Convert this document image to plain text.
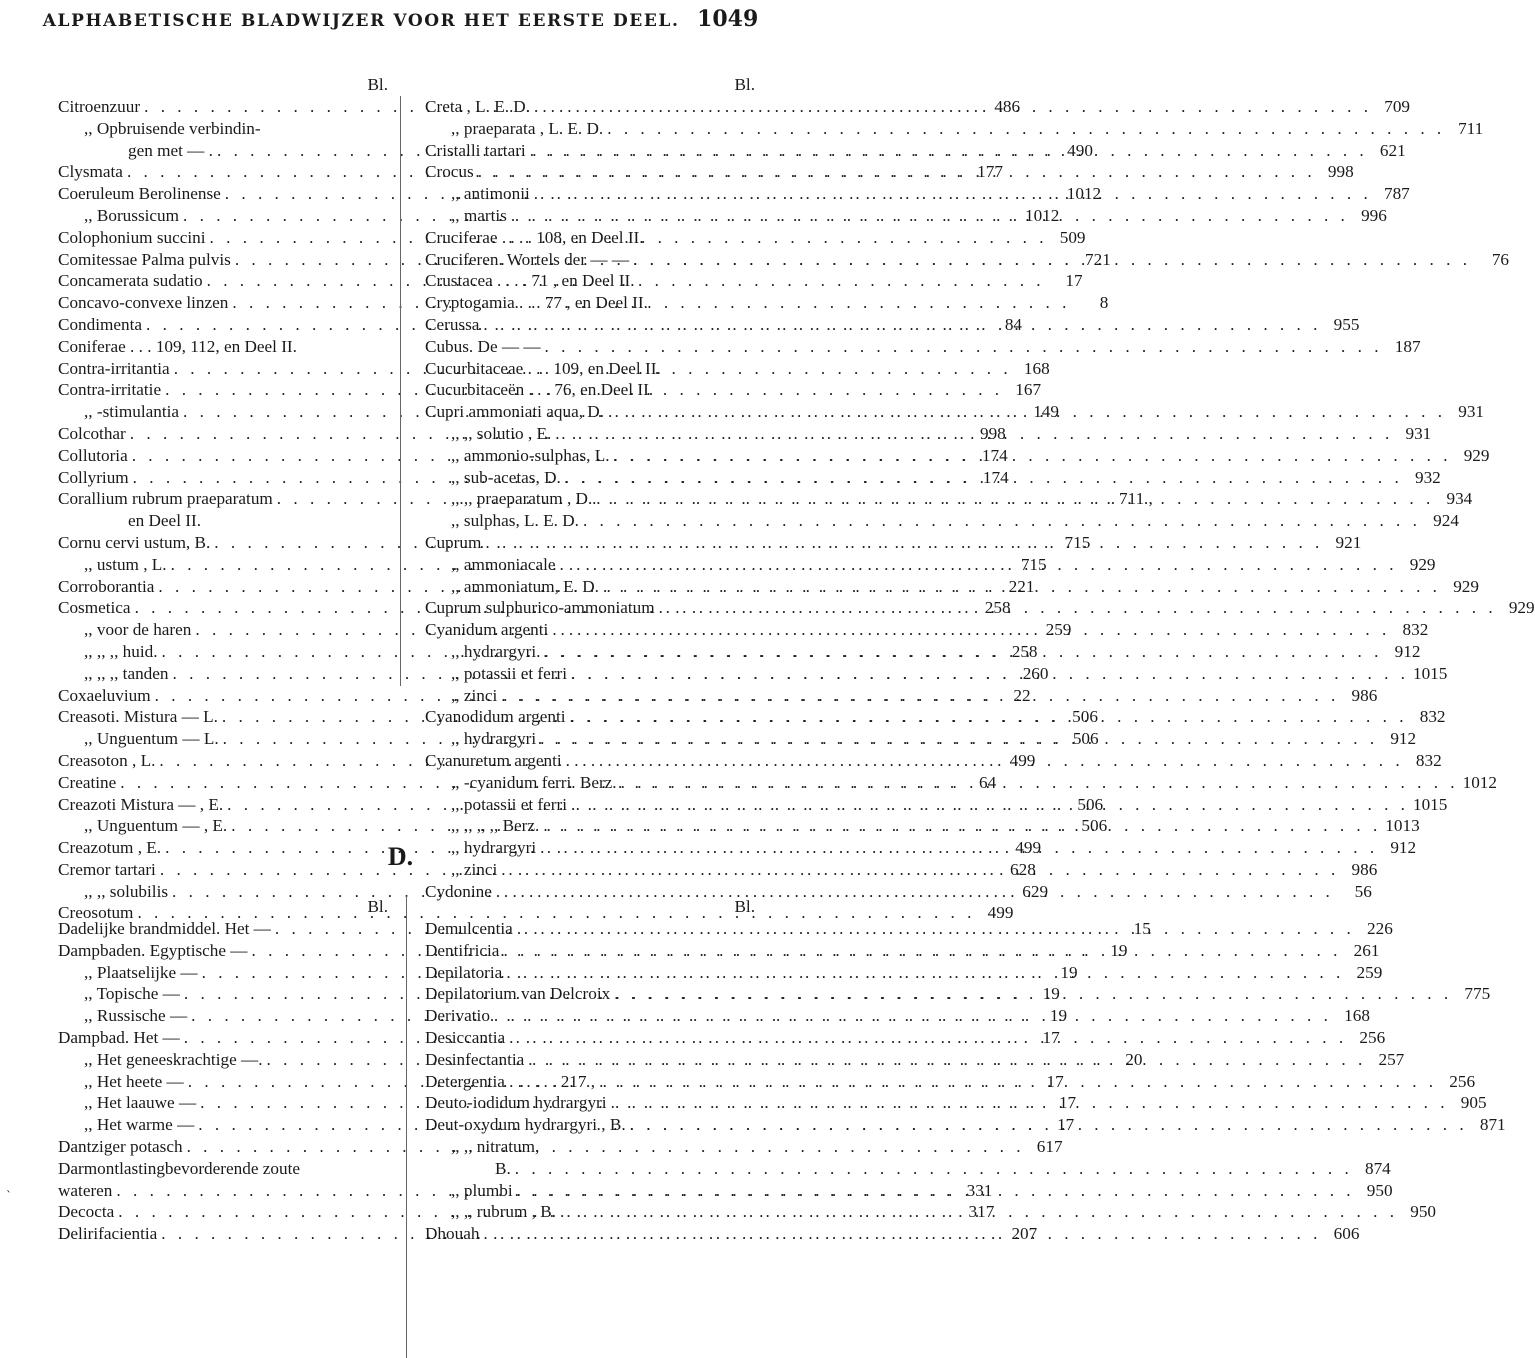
ALPHABETISCHE BLADWIJZER VOOR HET EERSTE DEEL. 1049
Bl.
Citroenzuur . . .	486
,, Opbruisende verbindin-
gen met — . . . .	490
Clysmata . . .	177
Coeruleum Berolinense . . .	1012
,, Borussicum . . .	1012
Colophonium succini . . .	509
Comitessae Palma pulvis . . .	721
Concamerata sudatio . . .	17
Concavo-convexe linzen . . .	8
Condimenta . . .	84
Coniferae . . . 109, 112, en Deel II.
Contra-irritantia . . .	168
Contra-irritatie . . .	167
,, -stimulantia . . .	149
Colcothar . . .	998
Collutoria . . .	174
Collyrium . . .	174
Corallium rubrum praeparatum . . .	711 ,
en Deel II.
Cornu cervi ustum, B. . . .	715
,, ustum , L. . . .	715
Corroborantia . . .	221
Cosmetica . . .	258
,, voor de haren . . .	259
,, ,, ,, huid. . . .	258
,, ,, ,, tanden . . .	260
Coxaeluvium . . .	22
Creasoti. Mistura — L. . . .	506
,, Unguentum — L. . . .	506
Creasoton , L. . . .	499
Creatine . . .	64
Creazoti Mistura — , E. . . .	506
,, Unguentum — , E. . . .	506
Creazotum , E. . . .	499
Cremor tartari . . .	628
,, ,, solubilis . . .	629
Creosotum . . .	499
Bl.
Creta , L. E. D. . . .	709
,, praeparata , L. E. D. . . .	711
Cristalli tartari . . .	621
Crocus . . .	998
,, antimonii . . .	787
,, martis . . .	996
Cruciferae . . . . 108, en Deel II.
Cruciferen. Wortels der — — . . .	76
Crustacea . . . . 71 , en Deel II.
Cryptogamia . . . 77 , en Deel II.
Cerussa . . .	955
Cubus. De — — . . .	187
Cucurbitaceae . . . 109, en Deel II.
Cucurbitaceën . . . 76, en Deel II.
Cupri ammoniati aqua, D. . . .	931
,, ,, solutio , E. . . .	931
,, ammonio-sulphas, L. . . .	929
,, sub-acetas, D. . . .	932
,, ,, praeparatum , D. . . .	934
,, sulphas, L. E. D. . . .	924
Cuprum . . .	921
,, ammoniacale . . .	929
,, ammoniatum, E. D. . . .	929
Cuprum sulphurico-ammoniatum . . .	929
Cyanidum argenti . . .	832
,, hydrargyri. . . .	912
,, potassii et ferri . . .	1015
,, zinci . . .	986
Cyanodidum argenti . . .	832
,, hydrargyri . . .	912
Cyanuretum argenti . . .	832
,, -cyanidum ferri. Berz. . . .	1012
,, potassii et ferri . . .	1015
,, ,, ,, ,, Berz. . . .	1013
,, hydrargyri . . .	912
,, zinci . . .	986
Cydonine . . .	56
D.
Bl.
Dadelijke brandmiddel. Het — . . .	15
Dampbaden. Egyptische — . . .	19
,, Plaatselijke — . . .	19
,, Topische — . . .	19
,, Russische — . . .	19
Dampbad. Het — . . .	17
,, Het geneeskrachtige —. . . .	20
,, Het heete — . . .	17
,, Het laauwe — . . .	17
,, Het warme — . . .	17
Dantziger potasch . . .	617
Darmontlastingbevorderende zoute
wateren . . .	331
Decocta . . .	317
Delirifacientia . . .	207
Bl.
Demulcentia . . .	226
Dentifricia . . .	261
Depilatoria . . .	259
Depilatorium van Delcroix . . .	775
Derivatio . . .	168
Desiccantia . . .	256
Desinfectantia . . .	257
Detergentia . . . . . . 217 , . . .	256
Deuto-iodidum hydrargyri . . .	905
Deut-oxydum hydrargyri , B. . . .	871
,, ,, nitratum,
B. . . .	874
,, plumbi . . .	950
,, ,, rubrum , B. . . .	950
Dhouah . . .	606
`
